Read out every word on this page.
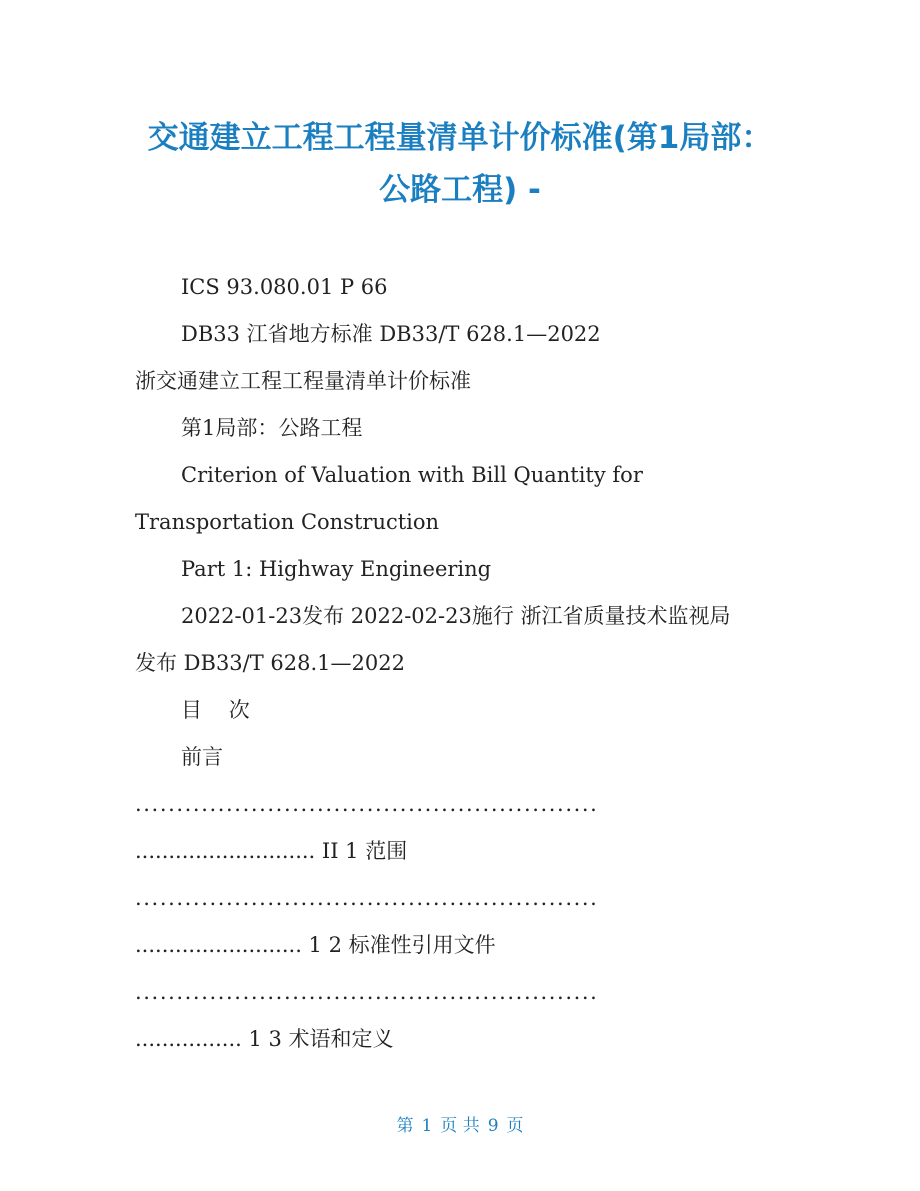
交通建立工程工程量清单计价标准(第1局部：
公路工程) -
ICS 93.080.01 P 66
DB33 江省地方标准 DB33/T 628.1—2022
浙交通建立工程工程量清单计价标准
第1局部：公路工程
Criterion of Valuation with Bill Quantity for
Transportation Construction
Part 1: Highway Engineering
2022-01-23发布 2022-02-23施行 浙江省质量技术监视局
发布 DB33/T 628.1—2022
目    次
前言
........................................................
........................... II 1 范围
........................................................
......................... 1 2 标准性引用文件
........................................................
................ 1 3 术语和定义
第 1 页 共 9 页
